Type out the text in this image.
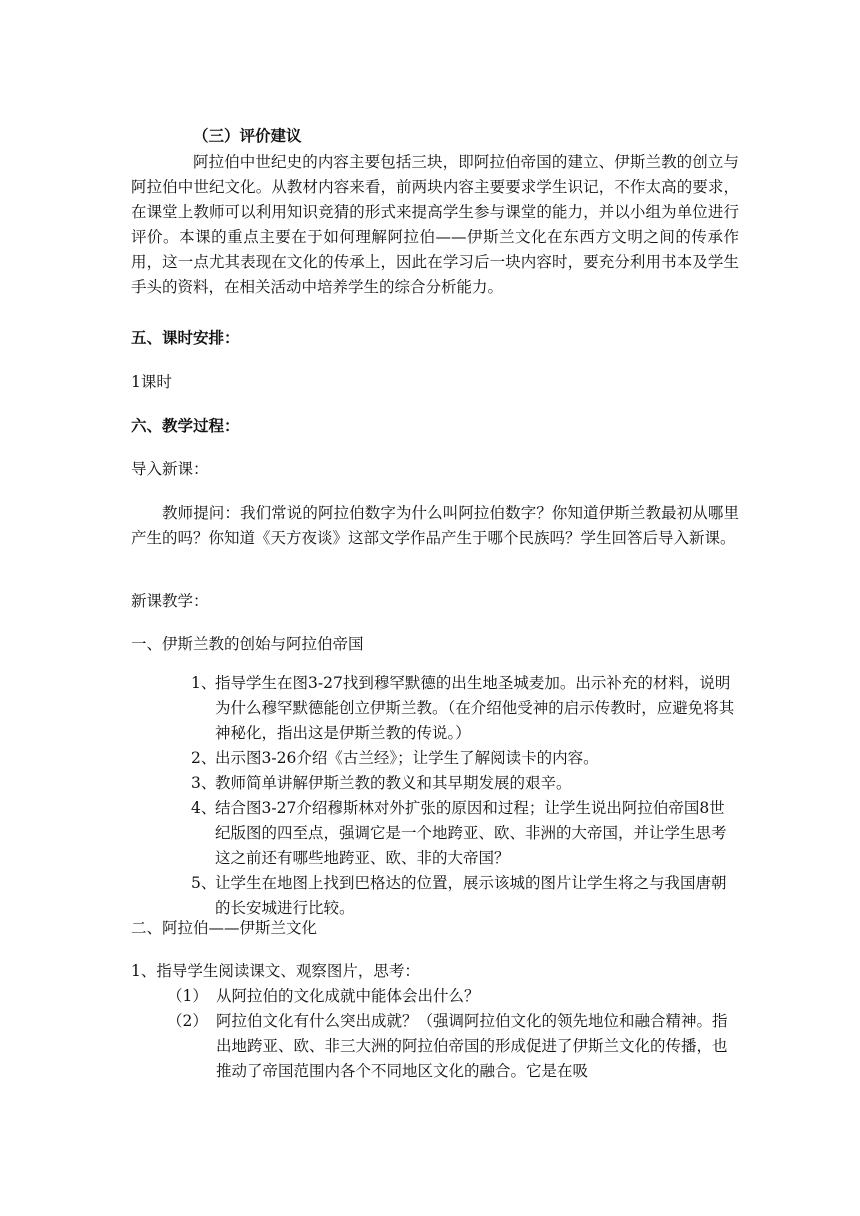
（三）评价建议
阿拉伯中世纪史的内容主要包括三块，即阿拉伯帝国的建立、伊斯兰教的创立与阿拉伯中世纪文化。从教材内容来看，前两块内容主要要求学生识记，不作太高的要求，在课堂上教师可以利用知识竞猜的形式来提高学生参与课堂的能力，并以小组为单位进行评价。本课的重点主要在于如何理解阿拉伯——伊斯兰文化在东西方文明之间的传承作用，这一点尤其表现在文化的传承上，因此在学习后一块内容时，要充分利用书本及学生手头的资料，在相关活动中培养学生的综合分析能力。
五、课时安排：
1课时
六、教学过程：
导入新课：
教师提问：我们常说的阿拉伯数字为什么叫阿拉伯数字？你知道伊斯兰教最初从哪里产生的吗？你知道《天方夜谈》这部文学作品产生于哪个民族吗？学生回答后导入新课。
新课教学：
一、伊斯兰教的创始与阿拉伯帝国
1、
指导学生在图3-27找到穆罕默德的出生地圣城麦加。出示补充的材料，说明为什么穆罕默德能创立伊斯兰教。（在介绍他受神的启示传教时，应避免将其神秘化，指出这是伊斯兰教的传说。）
2、
出示图3-26介绍《古兰经》；让学生了解阅读卡的内容。
3、
教师简单讲解伊斯兰教的教义和其早期发展的艰辛。
4、
结合图3-27介绍穆斯林对外扩张的原因和过程；让学生说出阿拉伯帝国8世纪版图的四至点，强调它是一个地跨亚、欧、非洲的大帝国，并让学生思考这之前还有哪些地跨亚、欧、非的大帝国？
5、
让学生在地图上找到巴格达的位置，展示该城的图片让学生将之与我国唐朝的长安城进行比较。
二、阿拉伯——伊斯兰文化
1、指导学生阅读课文、观察图片，思考：
（1） 从阿拉伯的文化成就中能体会出什么？
（2） 阿拉伯文化有什么突出成就？（强调阿拉伯文化的领先地位和融合精神。指出地跨亚、欧、非三大洲的阿拉伯帝国的形成促进了伊斯兰文化的传播，也推动了帝国范围内各个不同地区文化的融合。它是在吸
